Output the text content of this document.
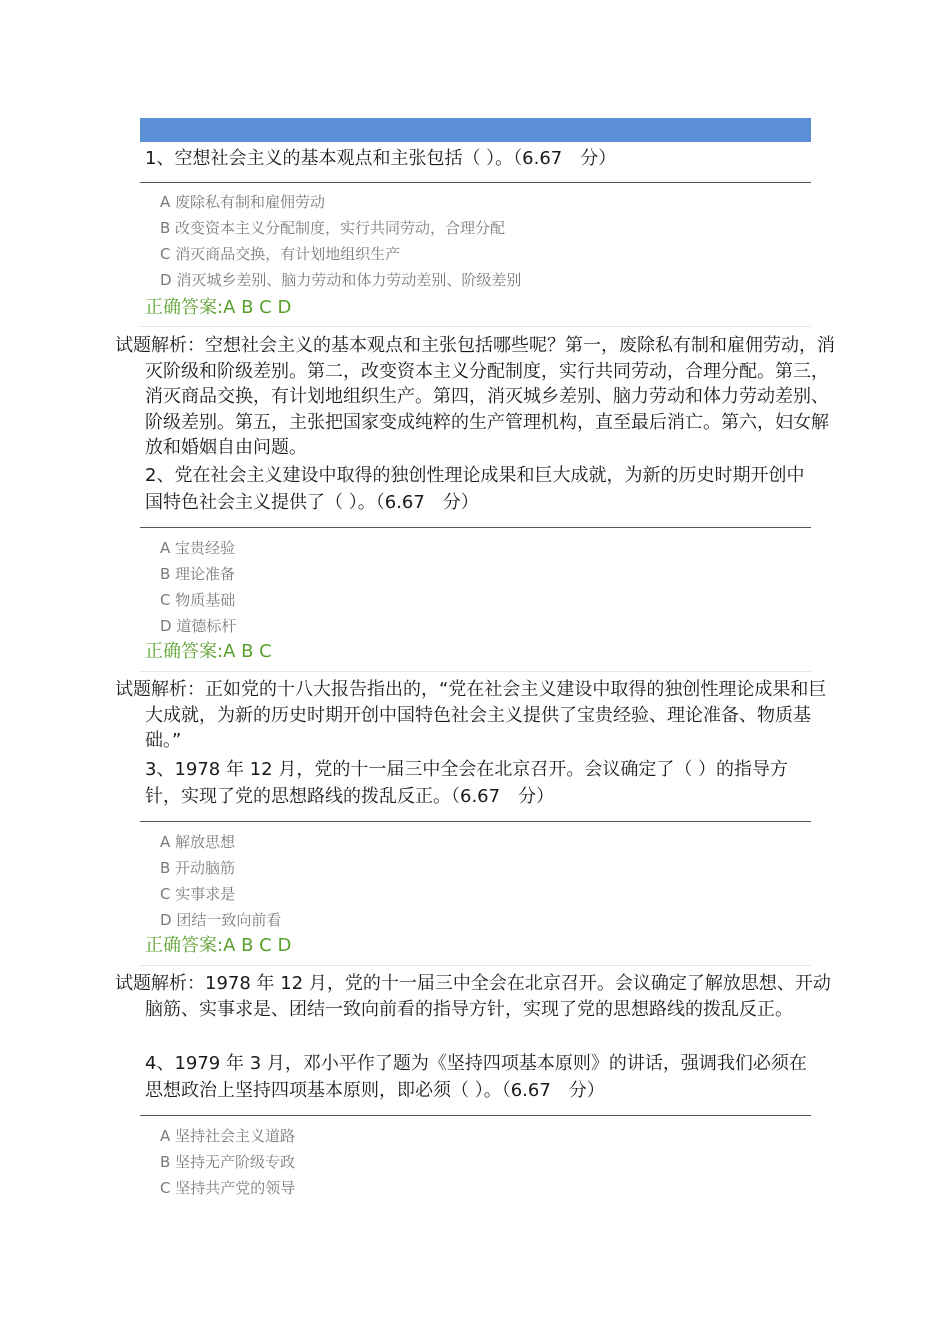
1、空想社会主义的基本观点和主张包括（ ）。（6.67　分）

A 废除私有制和雇佣劳动
B 改变资本主义分配制度，实行共同劳动，合理分配
C 消灭商品交换，有计划地组织生产
D 消灭城乡差别、脑力劳动和体力劳动差别、阶级差别
正确答案:A B C D

试题解析：空想社会主义的基本观点和主张包括哪些呢？第一，废除私有制和雇佣劳动，消灭阶级和阶级差别。第二，改变资本主义分配制度，实行共同劳动，合理分配。第三，消灭商品交换，有计划地组织生产。第四，消灭城乡差别、脑力劳动和体力劳动差别、阶级差别。第五，主张把国家变成纯粹的生产管理机构，直至最后消亡。第六，妇女解放和婚姻自由问题。

2、党在社会主义建设中取得的独创性理论成果和巨大成就，为新的历史时期开创中国特色社会主义提供了（ ）。（6.67　分）

A 宝贵经验
B 理论准备
C 物质基础
D 道德标杆
正确答案:A B C

试题解析：正如党的十八大报告指出的，“党在社会主义建设中取得的独创性理论成果和巨大成就，为新的历史时期开创中国特色社会主义提供了宝贵经验、理论准备、物质基础。”

3、1978 年 12 月，党的十一届三中全会在北京召开。会议确定了（ ）的指导方针，实现了党的思想路线的拨乱反正。（6.67　分）

A 解放思想
B 开动脑筋
C 实事求是
D 团结一致向前看
正确答案:A B C D

试题解析：1978 年 12 月，党的十一届三中全会在北京召开。会议确定了解放思想、开动脑筋、实事求是、团结一致向前看的指导方针，实现了党的思想路线的拨乱反正。

4、1979 年 3 月，邓小平作了题为《坚持四项基本原则》的讲话，强调我们必须在思想政治上坚持四项基本原则，即必须（ ）。（6.67　分）

A 坚持社会主义道路
B 坚持无产阶级专政
C 坚持共产党的领导
